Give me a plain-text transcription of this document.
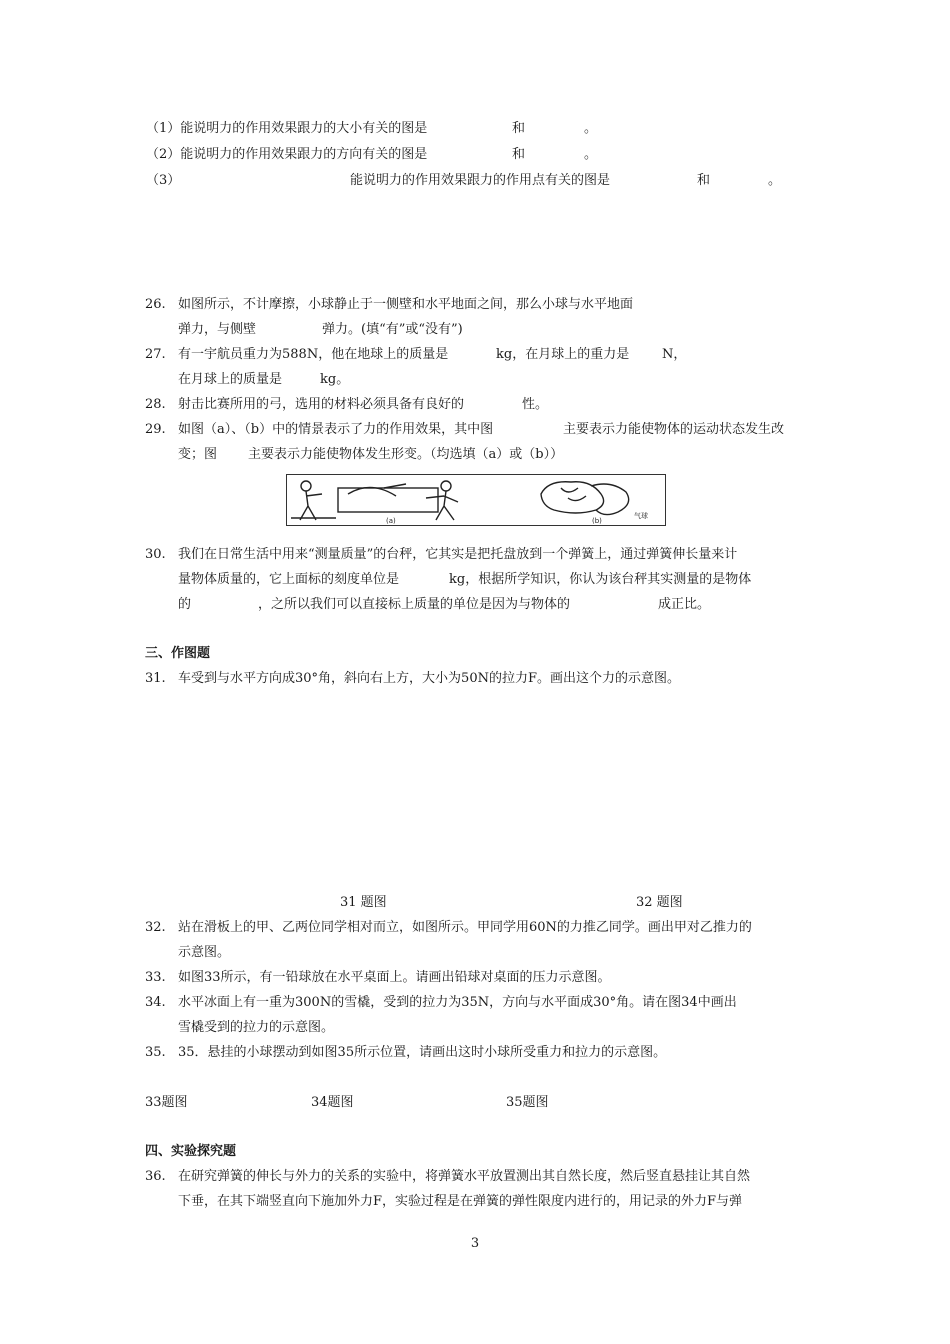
（1）能说明力的作用效果跟力的大小有关的图是	和	。
（2）能说明力的作用效果跟力的方向有关的图是	和	。
（3）	能说明力的作用效果跟力的作用点有关的图是	和	。
26. 如图所示，不计摩擦，小球静止于一侧壁和水平地面之间，那么小球与水平地面
弹力，与侧壁	弹力。(填“有”或“没有”)
27. 有一宇航员重力为588N，他在地球上的质量是	kg，在月球上的重力是	N，
在月球上的质量是	kg。
28. 射击比赛所用的弓，选用的材料必须具备有良好的	性。
29. 如图（a）、（b）中的情景表示了力的作用效果，其中图	主要表示力能使物体的运动状态发生改
变；图 主要表示力能使物体发生形变。（均选填（a）或（b））
(a)	(b)
气球
30. 我们在日常生活中用来“测量质量”的台秤，它其实是把托盘放到一个弹簧上，通过弹簧伸长量来计
量物体质量的，它上面标的刻度单位是	kg，根据所学知识，你认为该台秤其实测量的是物体
的	，之所以我们可以直接标上质量的单位是因为与物体的	成正比。
三、作图题
31. 车受到与水平方向成30°角，斜向右上方，大小为50N的拉力F。画出这个力的示意图。
31 题图	32 题图
32. 站在滑板上的甲、乙两位同学相对而立，如图所示。甲同学用60N的力推乙同学。画出甲对乙推力的
示意图。
33. 如图33所示，有一铅球放在水平桌面上。请画出铅球对桌面的压力示意图。
34. 水平冰面上有一重为300N的雪橇，受到的拉力为35N，方向与水平面成30°角。请在图34中画出
雪橇受到的拉力的示意图。
35. 35．悬挂的小球摆动到如图35所示位置，请画出这时小球所受重力和拉力的示意图。
33题图	34题图	35题图
四、实验探究题
36. 在研究弹簧的伸长与外力的关系的实验中，将弹簧水平放置测出其自然长度，然后竖直悬挂让其自然
下垂，在其下端竖直向下施加外力F，实验过程是在弹簧的弹性限度内进行的，用记录的外力F与弹
3
